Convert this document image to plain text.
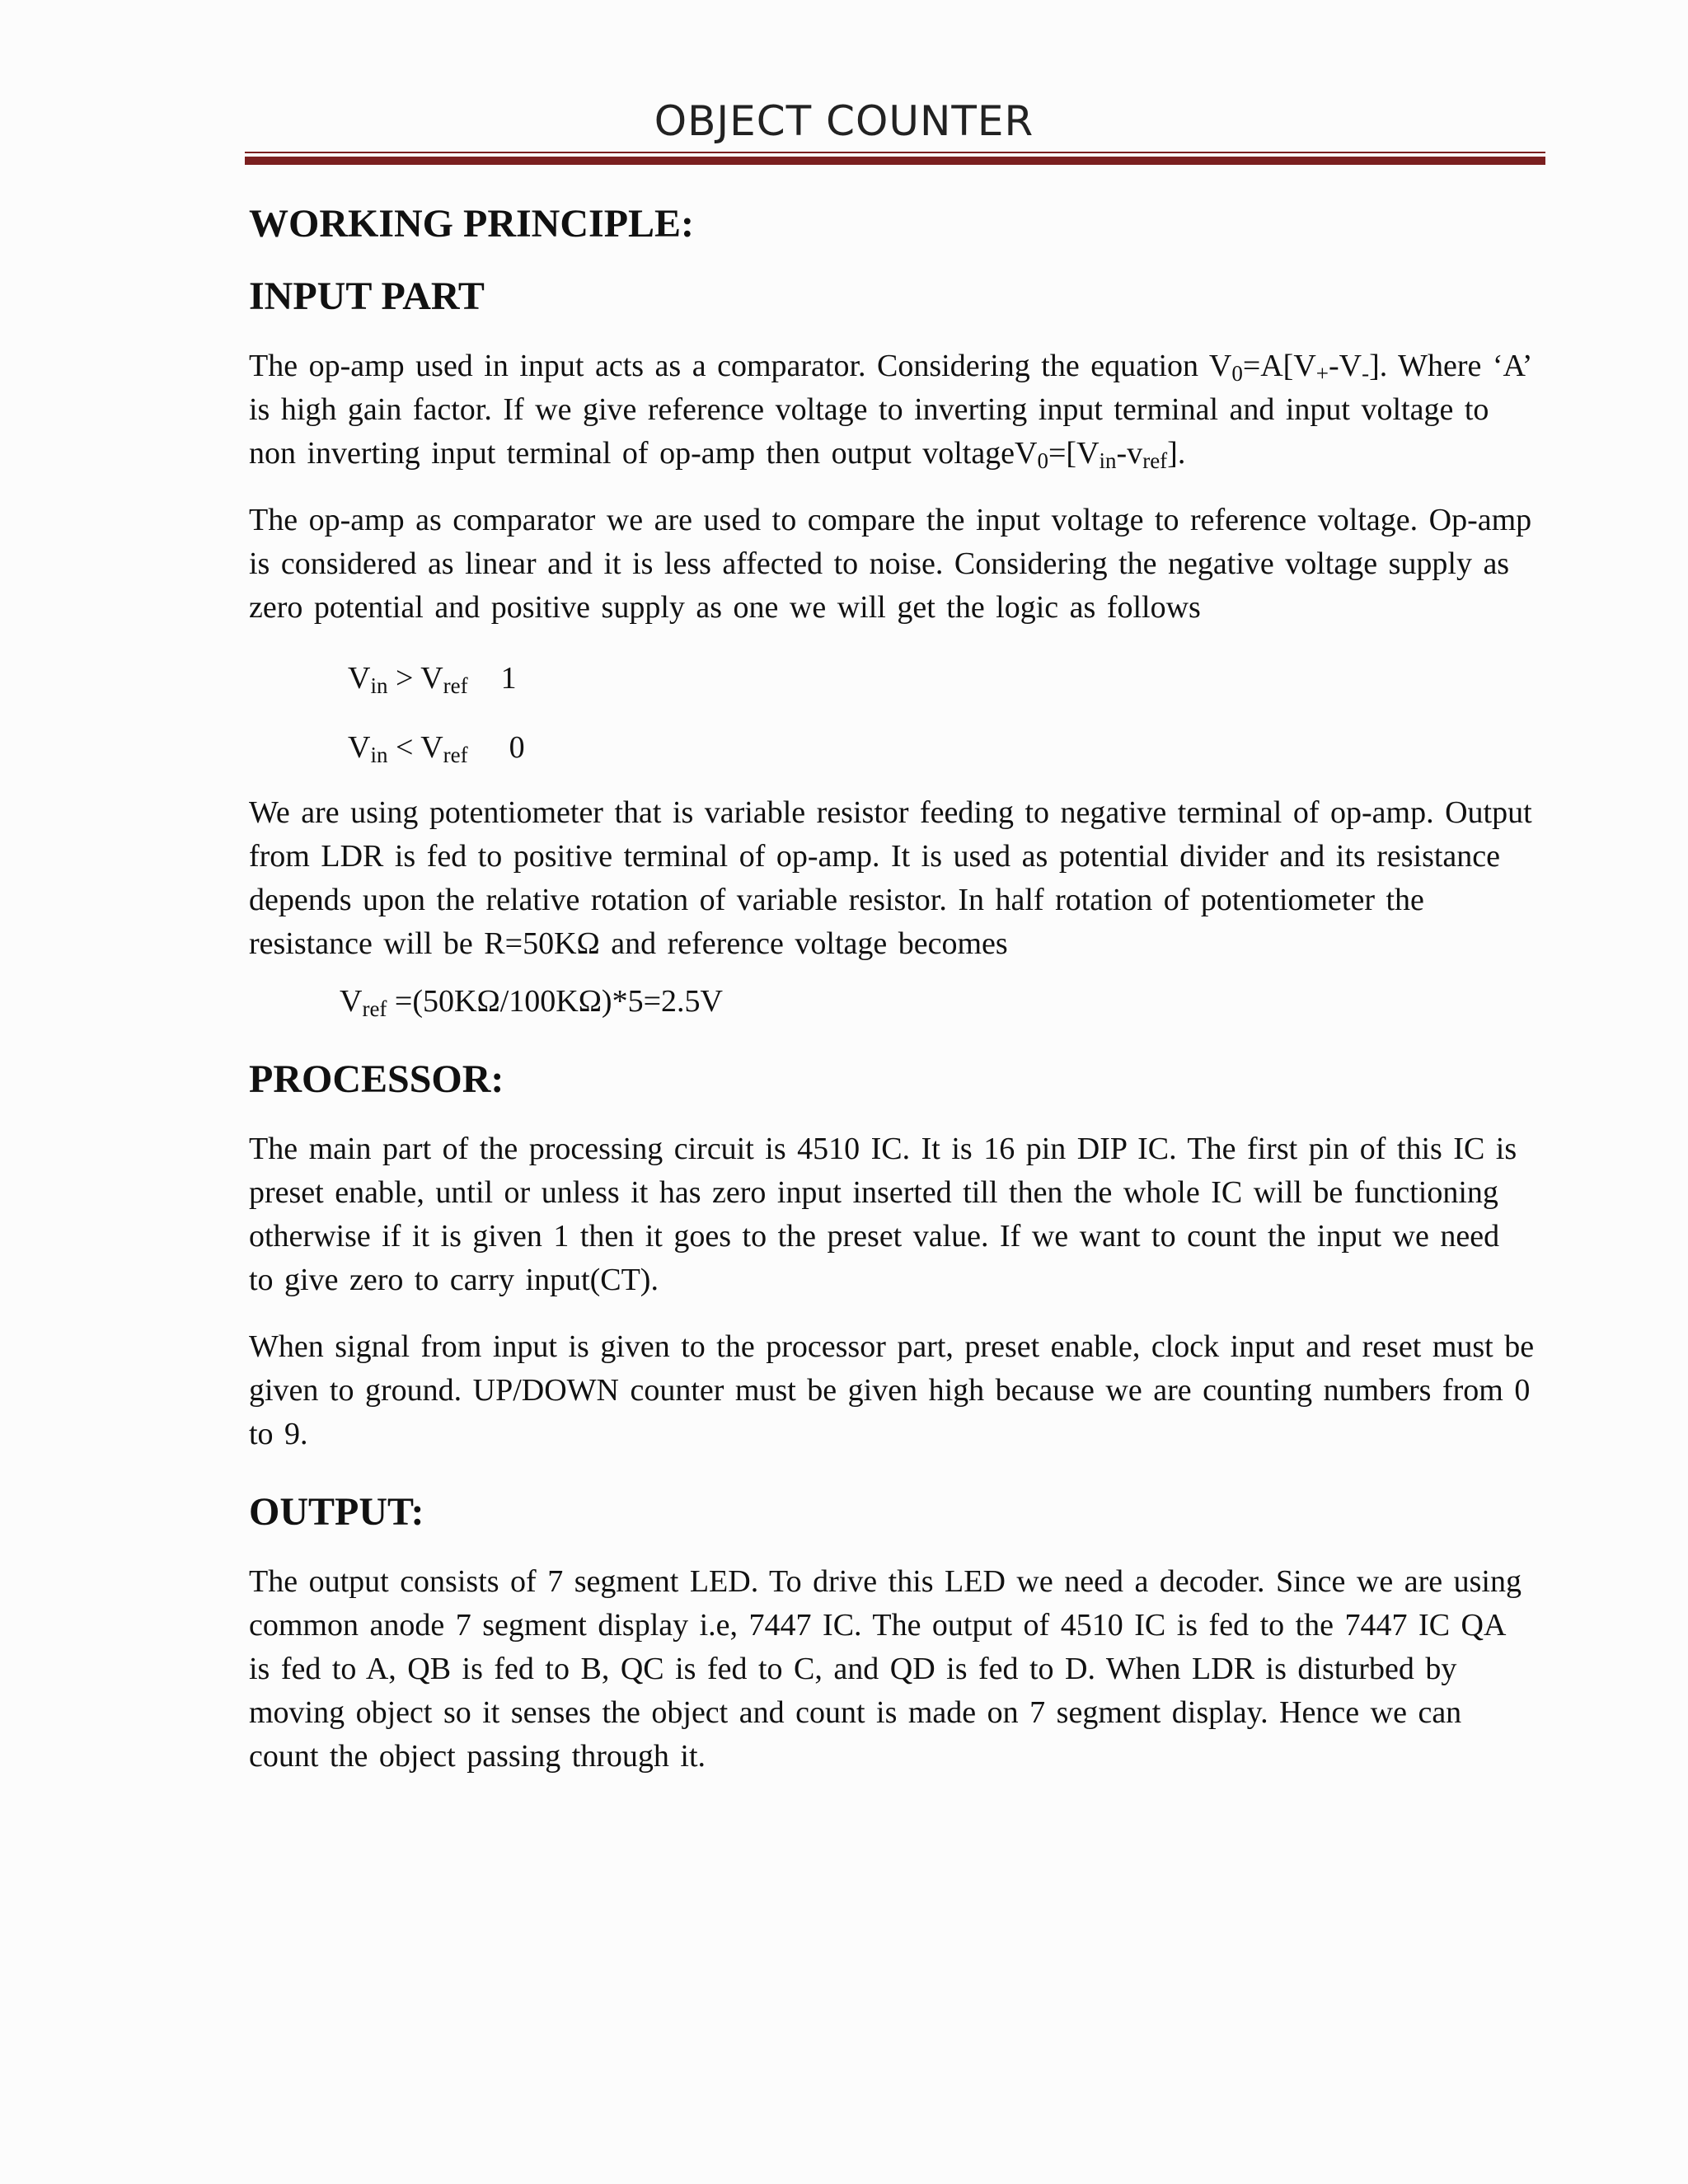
OBJECT COUNTER
WORKING PRINCIPLE:
INPUT PART

The op-amp used in input acts as a comparator. Considering the equation $V_0=A[V_+-V_-]$. Where ‘A’ is high gain factor. If we give reference voltage to inverting input terminal and input voltage to non inverting input terminal of op-amp then output $voltageV_0=[V_{in}-v_{ref}]$.

The op-amp as comparator we are used to compare the input voltage to reference voltage. Op-amp is considered as linear and it is less affected to noise. Considering the negative voltage supply as zero potential and positive supply as one we will get the logic as follows

$V_{in} > V_{ref}$ 1
$V_{in} < V_{ref}$ 0

We are using potentiometer that is variable resistor feeding to negative terminal of op-amp. Output from LDR is fed to positive terminal of op-amp. It is used as potential divider and its resistance depends upon the relative rotation of variable resistor. In half rotation of potentiometer the resistance will be R=50KΩ and reference voltage becomes

$V_{ref} =(50K\Omega/100K\Omega)*5=2.5V$
PROCESSOR:

The main part of the processing circuit is 4510 IC. It is 16 pin DIP IC. The first pin of this IC is preset enable, until or unless it has zero input inserted till then the whole IC will be functioning otherwise if it is given 1 then it goes to the preset value. If we want to count the input we need to give zero to carry input(CT).

When signal from input is given to the processor part, preset enable, clock input and reset must be given to ground. UP/DOWN counter must be given high because we are counting numbers from 0 to 9.

OUTPUT:

The output consists of 7 segment LED. To drive this LED we need a decoder. Since we are using common anode 7 segment display i.e, 7447 IC. The output of 4510 IC is fed to the 7447 IC QA is fed to A, QB is fed to B, QC is fed to C, and QD is fed to D. When LDR is disturbed by moving object so it senses the object and count is made on 7 segment display. Hence we can count the object passing through it.
